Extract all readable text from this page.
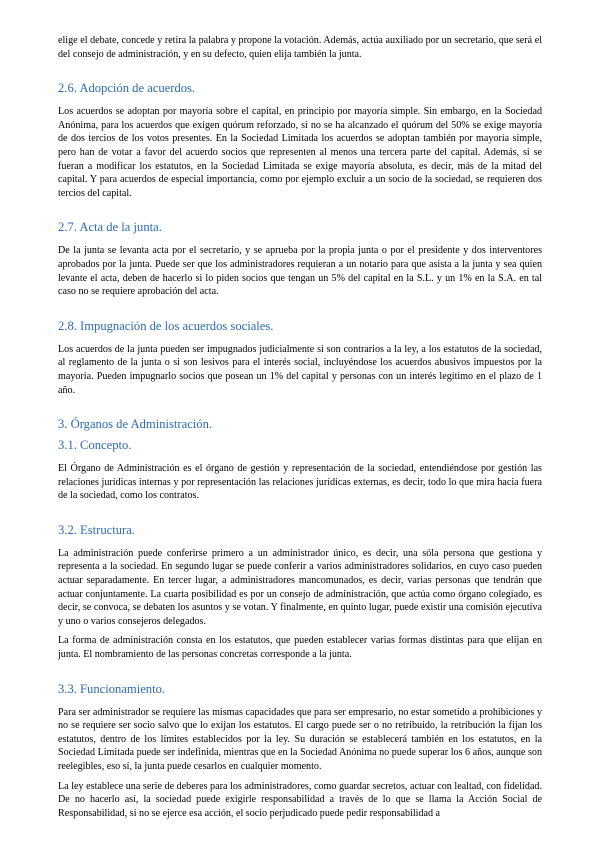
elige el debate, concede y retira la palabra y propone la votación. Además, actúa auxiliado por un secretario, que será el del consejo de administración, y en su defecto, quien elija también la junta.

2.6. Adopción de acuerdos.

Los acuerdos se adoptan por mayoría sobre el capital, en principio por mayoría simple. Sin embargo, en la Sociedad Anónima, para los acuerdos que exigen quórum reforzado, si no se ha alcanzado el quórum del 50% se exige mayoría de dos tercios de los votos presentes. En la Sociedad Limitada los acuerdos se adoptan también por mayoría simple, pero han de votar a favor del acuerdo socios que representen al menos una tercera parte del capital. Además, si se fueran a modificar los estatutos, en la Sociedad Limitada se exige mayoría absoluta, es decir, más de la mitad del capital. Y para acuerdos de especial importancia, como por ejemplo excluir a un socio de la sociedad, se requieren dos tercios del capital.

2.7. Acta de la junta.

De la junta se levanta acta por el secretario, y se aprueba por la propia junta o por el presidente y dos interventores aprobados por la junta. Puede ser que los administradores requieran a un notario para que asista a la junta y sea quien levante el acta, deben de hacerlo si lo piden socios que tengan un 5% del capital en la S.L. y un 1% en la S.A. en tal caso no se requiere aprobación del acta.

2.8. Impugnación de los acuerdos sociales.

Los acuerdos de la junta pueden ser impugnados judicialmente si son contrarios a la ley, a los estatutos de la sociedad, al reglamento de la junta o si son lesivos para el interés social, incluyéndose los acuerdos abusivos impuestos por la mayoría. Pueden impugnarlo socios que posean un 1% del capital y personas con un interés legítimo en el plazo de 1 año.

3. Órganos de Administración.
3.1. Concepto.

El Órgano de Administración es el órgano de gestión y representación de la sociedad, entendiéndose por gestión las relaciones jurídicas internas y por representación las relaciones jurídicas externas, es decir, todo lo que mira hacia fuera de la sociedad, como los contratos.

3.2. Estructura.

La administración puede conferirse primero a un administrador único, es decir, una sóla persona que gestiona y representa a la sociedad. En segundo lugar se puede conferir a varios administradores solidarios, en cuyo caso pueden actuar separadamente. En tercer lugar, a administradores mancomunados, es decir, varias personas que tendrán que actuar conjuntamente. La cuarta posibilidad es por un consejo de administración, que actúa como órgano colegiado, es decir, se convoca, se debaten los asuntos y se votan. Y finalmente, en quinto lugar, puede existir una comisión ejecutiva y uno o varios consejeros delegados.

La forma de administración consta en los estatutos, que pueden establecer varias formas distintas para que elijan en junta. El nombramiento de las personas concretas corresponde a la junta.

3.3. Funcionamiento.

Para ser administrador se requiere las mismas capacidades que para ser empresario, no estar sometido a prohibiciones y no se requiere ser socio salvo que lo exijan los estatutos. El cargo puede ser o no retribuido, la retribución la fijan los estatutos, dentro de los límites establecidos por la ley. Su duración se establecerá también en los estatutos, en la Sociedad Limitada puede ser indefinida, mientras que en la Sociedad Anónima no puede superar los 6 años, aunque son reelegibles, eso sí, la junta puede cesarlos en cualquier momento.

La ley establece una serie de deberes para los administradores, como guardar secretos, actuar con lealtad, con fidelidad. De no hacerlo así, la sociedad puede exigirle responsabilidad a través de lo que se llama la Acción Social de Responsabilidad, si no se ejerce esa acción, el socio perjudicado puede pedir responsabilidad a
